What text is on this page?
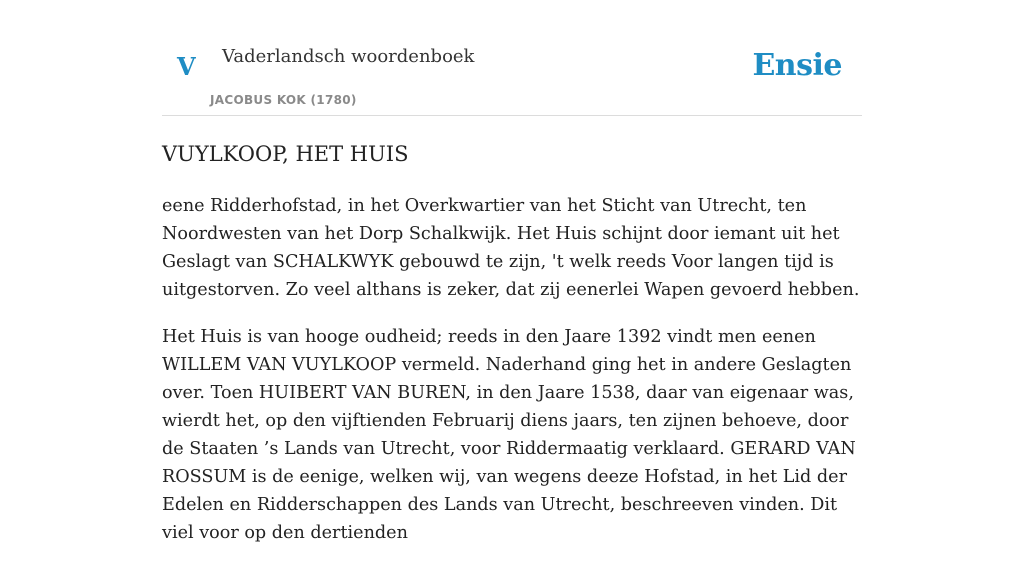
V Vaderlandsch woordenboek
JACOBUS KOK (1780)
Ensie
VUYLKOOP, HET HUIS

eene Ridderhofstad, in het Overkwartier van het Sticht van Utrecht, ten Noordwesten van het Dorp Schalkwijk. Het Huis schijnt door iemant uit het Geslagt van SCHALKWYK gebouwd te zijn, 't welk reeds Voor langen tijd is uitgestorven. Zo veel althans is zeker, dat zij eenerlei Wapen gevoerd hebben.

Het Huis is van hooge oudheid; reeds in den Jaare 1392 vindt men eenen WILLEM VAN VUYLKOOP vermeld. Naderhand ging het in andere Geslagten over. Toen HUIBERT VAN BUREN, in den Jaare 1538, daar van eigenaar was, wierdt het, op den vijftienden Februarij diens jaars, ten zijnen behoeve, door de Staaten ’s Lands van Utrecht, voor Riddermaatig verklaard. GERARD VAN ROSSUM is de eenige, welken wij, van wegens deeze Hofstad, in het Lid der Edelen en Ridderschappen des Lands van Utrecht, beschreeven vinden. Dit viel voor op den dertienden
